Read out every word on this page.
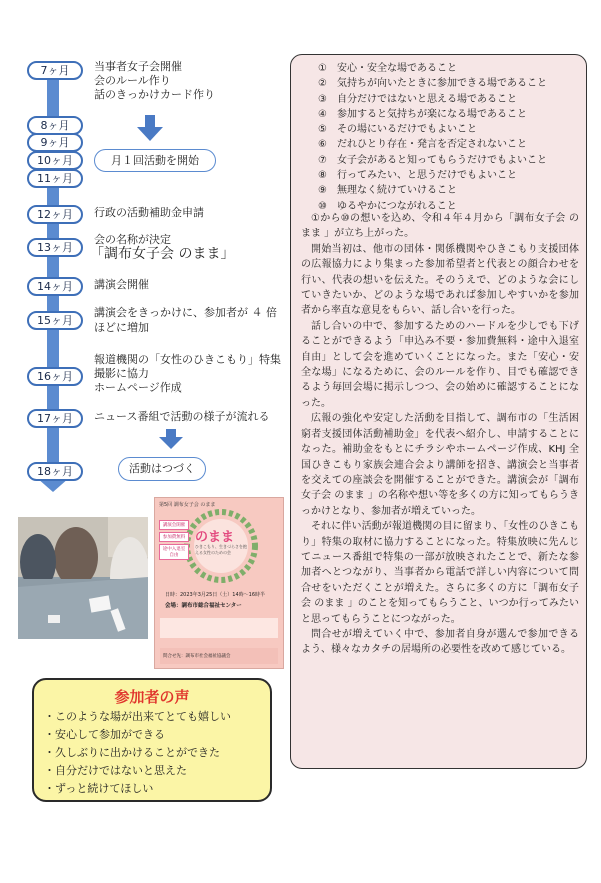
7ヶ月
8ヶ月
9ヶ月
10ヶ月
11ヶ月
12ヶ月
13ヶ月
14ヶ月
15ヶ月
16ヶ月
17ヶ月
18ヶ月
当事者女子会開催
会のルール作り
話のきっかけカード作り
月１回活動を開始
行政の活動補助金申請
会の名称が決定
「調布女子会 のまま」
講演会開催
講演会をきっかけに、参加者が ４ 倍
ほどに増加
報道機関の「女性のひきこもり」特集
撮影に協力
ホームページ作成
ニュース番組で活動の様子が流れる
活動はつづく
第5回 調布女子会 のまま
のまま
ひきこもり、生きづらさを抱える女性のための会
講演会開催
参加費無料
途中入退室自由
日時：2023年3月25日（土）14時〜16時半
会場：調布市総合福祉センター
問合せ先：調布市社会福祉協議会
参加者の声
・このような場が出来てとても嬉しい
・安心して参加ができる
・久しぶりに出かけることができた
・自分だけではないと思えた
・ずっと続けてほしい
①　安心・安全な場であること
②　気持ちが向いたときに参加できる場であること
③　自分だけではないと思える場であること
④　参加すると気持ちが楽になる場であること
⑤　その場にいるだけでもよいこと
⑥　だれひとり存在・発言を否定されないこと
⑦　女子会があると知ってもらうだけでもよいこと
⑧　行ってみたい、と思うだけでもよいこと
⑨　無理なく続けていけること
⑩　ゆるやかにつながれること

①から⑩の想いを込め、令和４年４月から「調布女子会 のまま 」が立ち上がった。

開始当初は、他市の団体・関係機関やひきこもり支援団体の広報協力により集まった参加希望者と代表との顔合わせを行い、代表の想いを伝えた。そのうえで、どのような会にしていきたいか、どのような場であれば参加しやすいかを参加者から率直な意見をもらい、話し合いを行った。

話し合いの中で、参加するためのハードルを少しでも下げることができるよう「申込み不要・参加費無料・途中入退室自由」として会を進めていくことになった。また「安心・安全な場」になるために、会のルールを作り、目でも確認できるよう毎回会場に掲示しつつ、会の始めに確認することになった。

広報の強化や安定した活動を目指して、調布市の「生活困窮者支援団体活動補助金」を代表へ紹介し、申請することになった。補助金をもとにチラシやホームページ作成、KHJ 全国ひきこもり家族会連合会より講師を招き、講演会と当事者を交えての座談会を開催することができた。講演会が「調布女子会 のまま 」の名称や想い等を多くの方に知ってもらうきっかけとなり、参加者が増えていった。

それに伴い活動が報道機関の目に留まり、「女性のひきこもり」特集の取材に協力することになった。特集放映に先んじてニュース番組で特集の一部が放映されたことで、新たな参加者へとつながり、当事者から電話で詳しい内容について問合せをいただくことが増えた。さらに多くの方に「調布女子会 のまま 」のことを知ってもらうこと、いつか行ってみたいと思ってもらうことにつながった。

問合せが増えていく中で、参加者自身が選んで参加できるよう、様々なカタチの居場所の必要性を改めて感じている。
